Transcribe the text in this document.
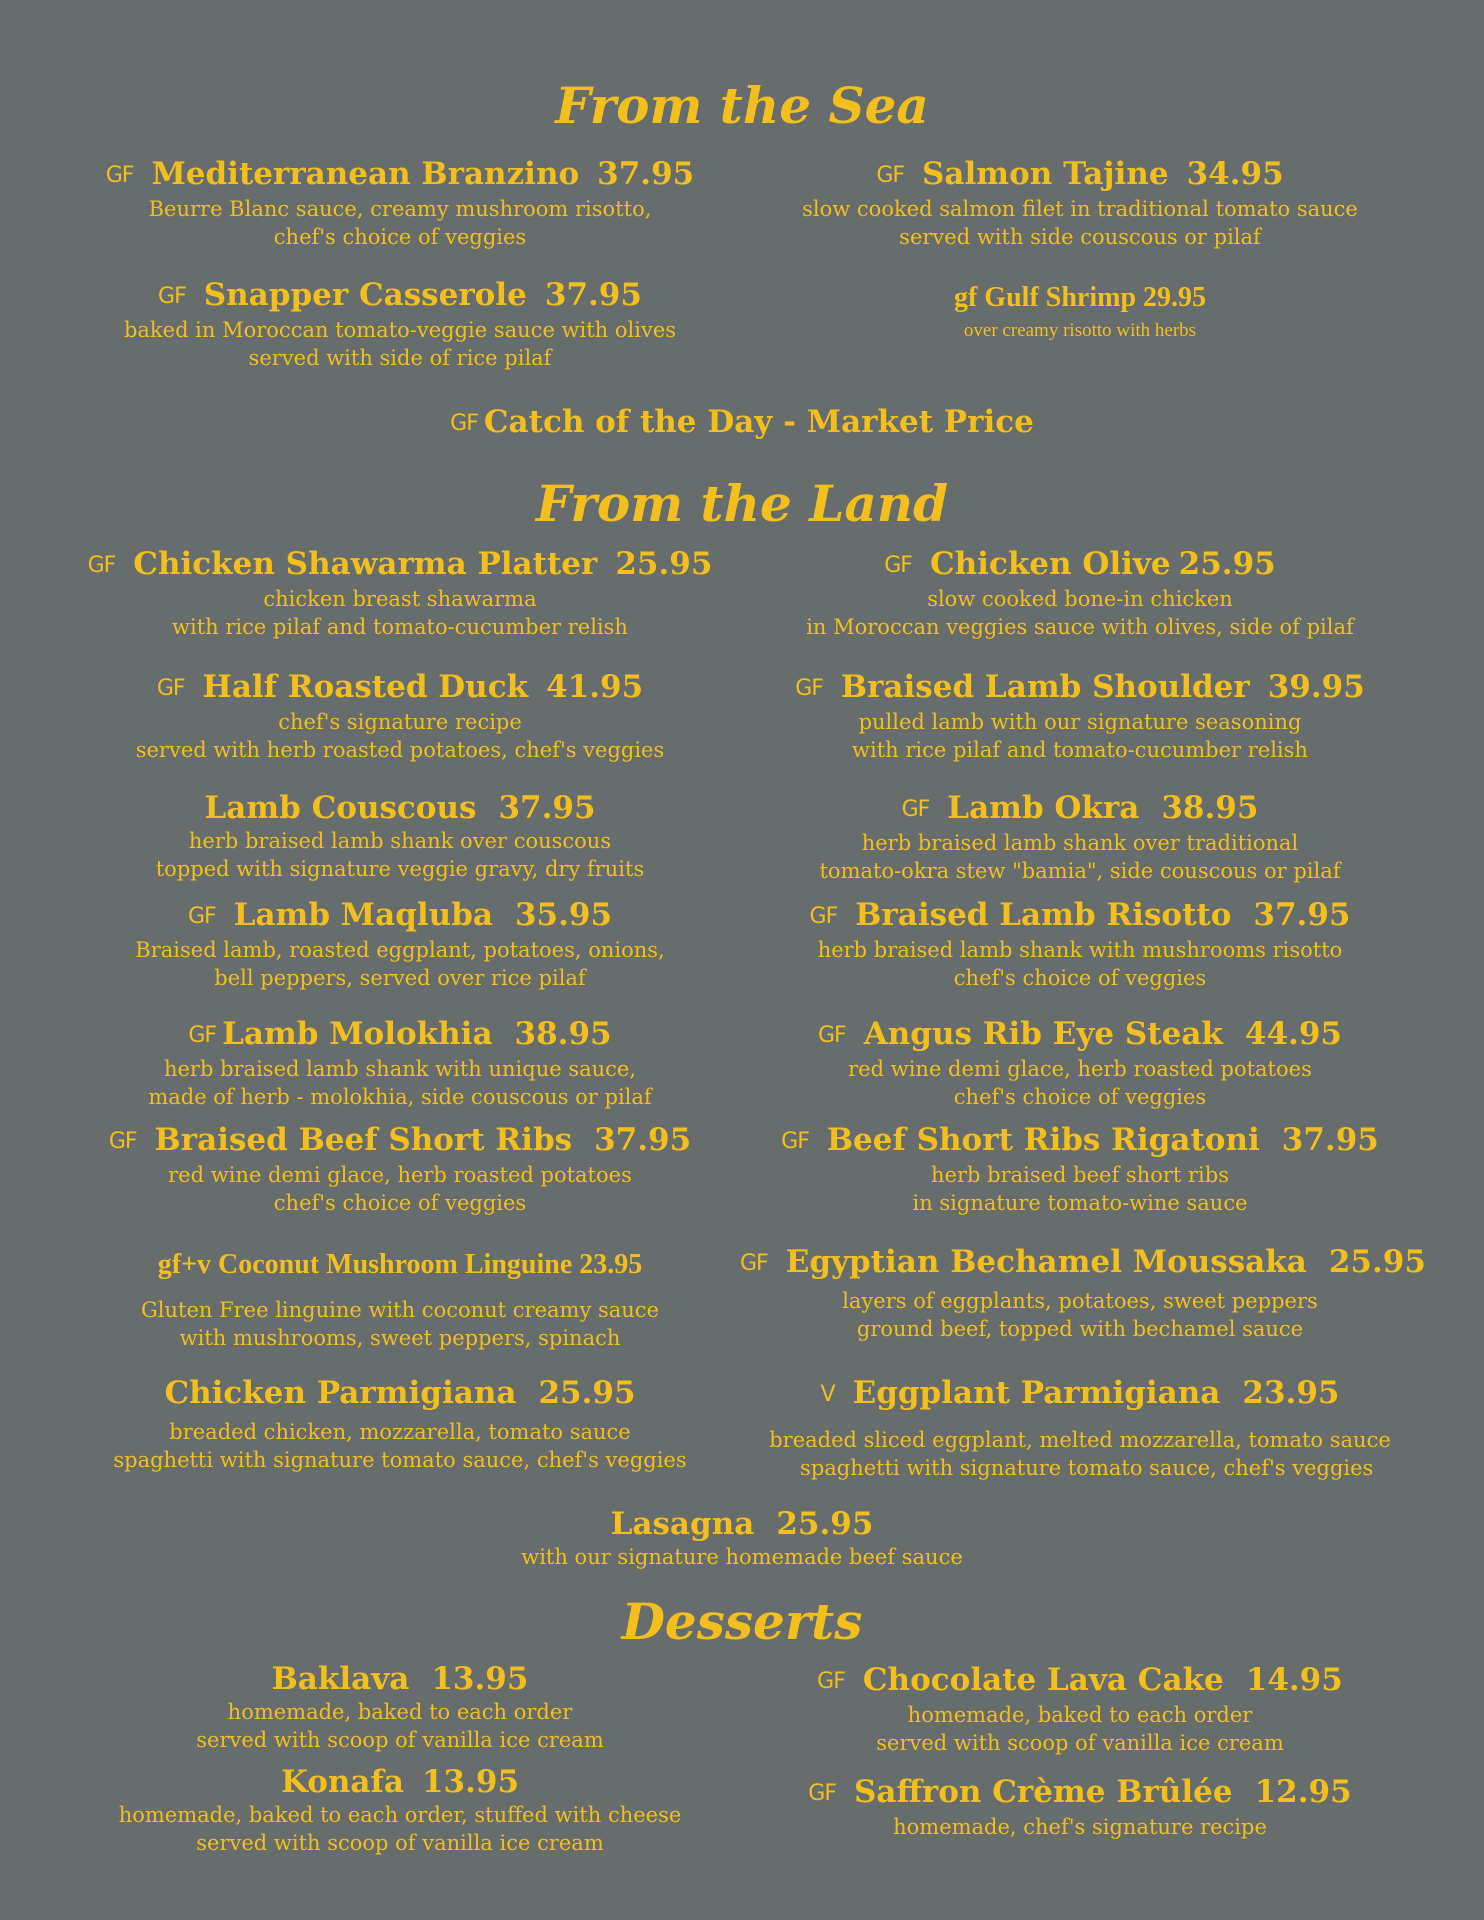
From the Sea
From the Land
Desserts
GF Mediterranean Branzino 37.95
Beurre Blanc sauce, creamy mushroom risotto,
chef's choice of veggies
GF Salmon Tajine 34.95
slow cooked salmon filet in traditional tomato sauce
served with side couscous or pilaf
GF Snapper Casserole 37.95
baked in Moroccan tomato-veggie sauce with olives
served with side of rice pilaf
gf Gulf Shrimp 29.95
over creamy risotto with herbs
GF Catch of the Day - Market Price
GF Chicken Shawarma Platter 25.95
chicken breast shawarma
with rice pilaf and tomato-cucumber relish
GF Chicken Olive 25.95
slow cooked bone-in chicken
in Moroccan veggies sauce with olives, side of pilaf
GF Half Roasted Duck 41.95
chef's signature recipe
served with herb roasted potatoes, chef's veggies
GF Braised Lamb Shoulder 39.95
pulled lamb with our signature seasoning
with rice pilaf and tomato-cucumber relish
Lamb Couscous 37.95
herb braised lamb shank over couscous
topped with signature veggie gravy, dry fruits
GF Lamb Okra 38.95
herb braised lamb shank over traditional
tomato-okra stew "bamia", side couscous or pilaf
GF Lamb Maqluba 35.95
Braised lamb, roasted eggplant, potatoes, onions,
bell peppers, served over rice pilaf
GF Braised Lamb Risotto 37.95
herb braised lamb shank with mushrooms risotto
chef's choice of veggies
GF Lamb Molokhia 38.95
herb braised lamb shank with unique sauce,
made of herb - molokhia, side couscous or pilaf
GF Angus Rib Eye Steak 44.95
red wine demi glace, herb roasted potatoes
chef's choice of veggies
GF Braised Beef Short Ribs 37.95
red wine demi glace, herb roasted potatoes
chef's choice of veggies
GF Beef Short Ribs Rigatoni 37.95
herb braised beef short ribs
in signature tomato-wine sauce
gf+v Coconut Mushroom Linguine 23.95
Gluten Free linguine with coconut creamy sauce
with mushrooms, sweet peppers, spinach
GF Egyptian Bechamel Moussaka 25.95
layers of eggplants, potatoes, sweet peppers
ground beef, topped with bechamel sauce
Chicken Parmigiana 25.95
breaded chicken, mozzarella, tomato sauce
spaghetti with signature tomato sauce, chef's veggies
V Eggplant Parmigiana 23.95
breaded sliced eggplant, melted mozzarella, tomato sauce
spaghetti with signature tomato sauce, chef's veggies
Lasagna 25.95
with our signature homemade beef sauce
Baklava 13.95
homemade, baked to each order
served with scoop of vanilla ice cream
GF Chocolate Lava Cake 14.95
homemade, baked to each order
served with scoop of vanilla ice cream
Konafa 13.95
homemade, baked to each order, stuffed with cheese
served with scoop of vanilla ice cream
GF Saffron Crème Brûlée 12.95
homemade, chef's signature recipe
